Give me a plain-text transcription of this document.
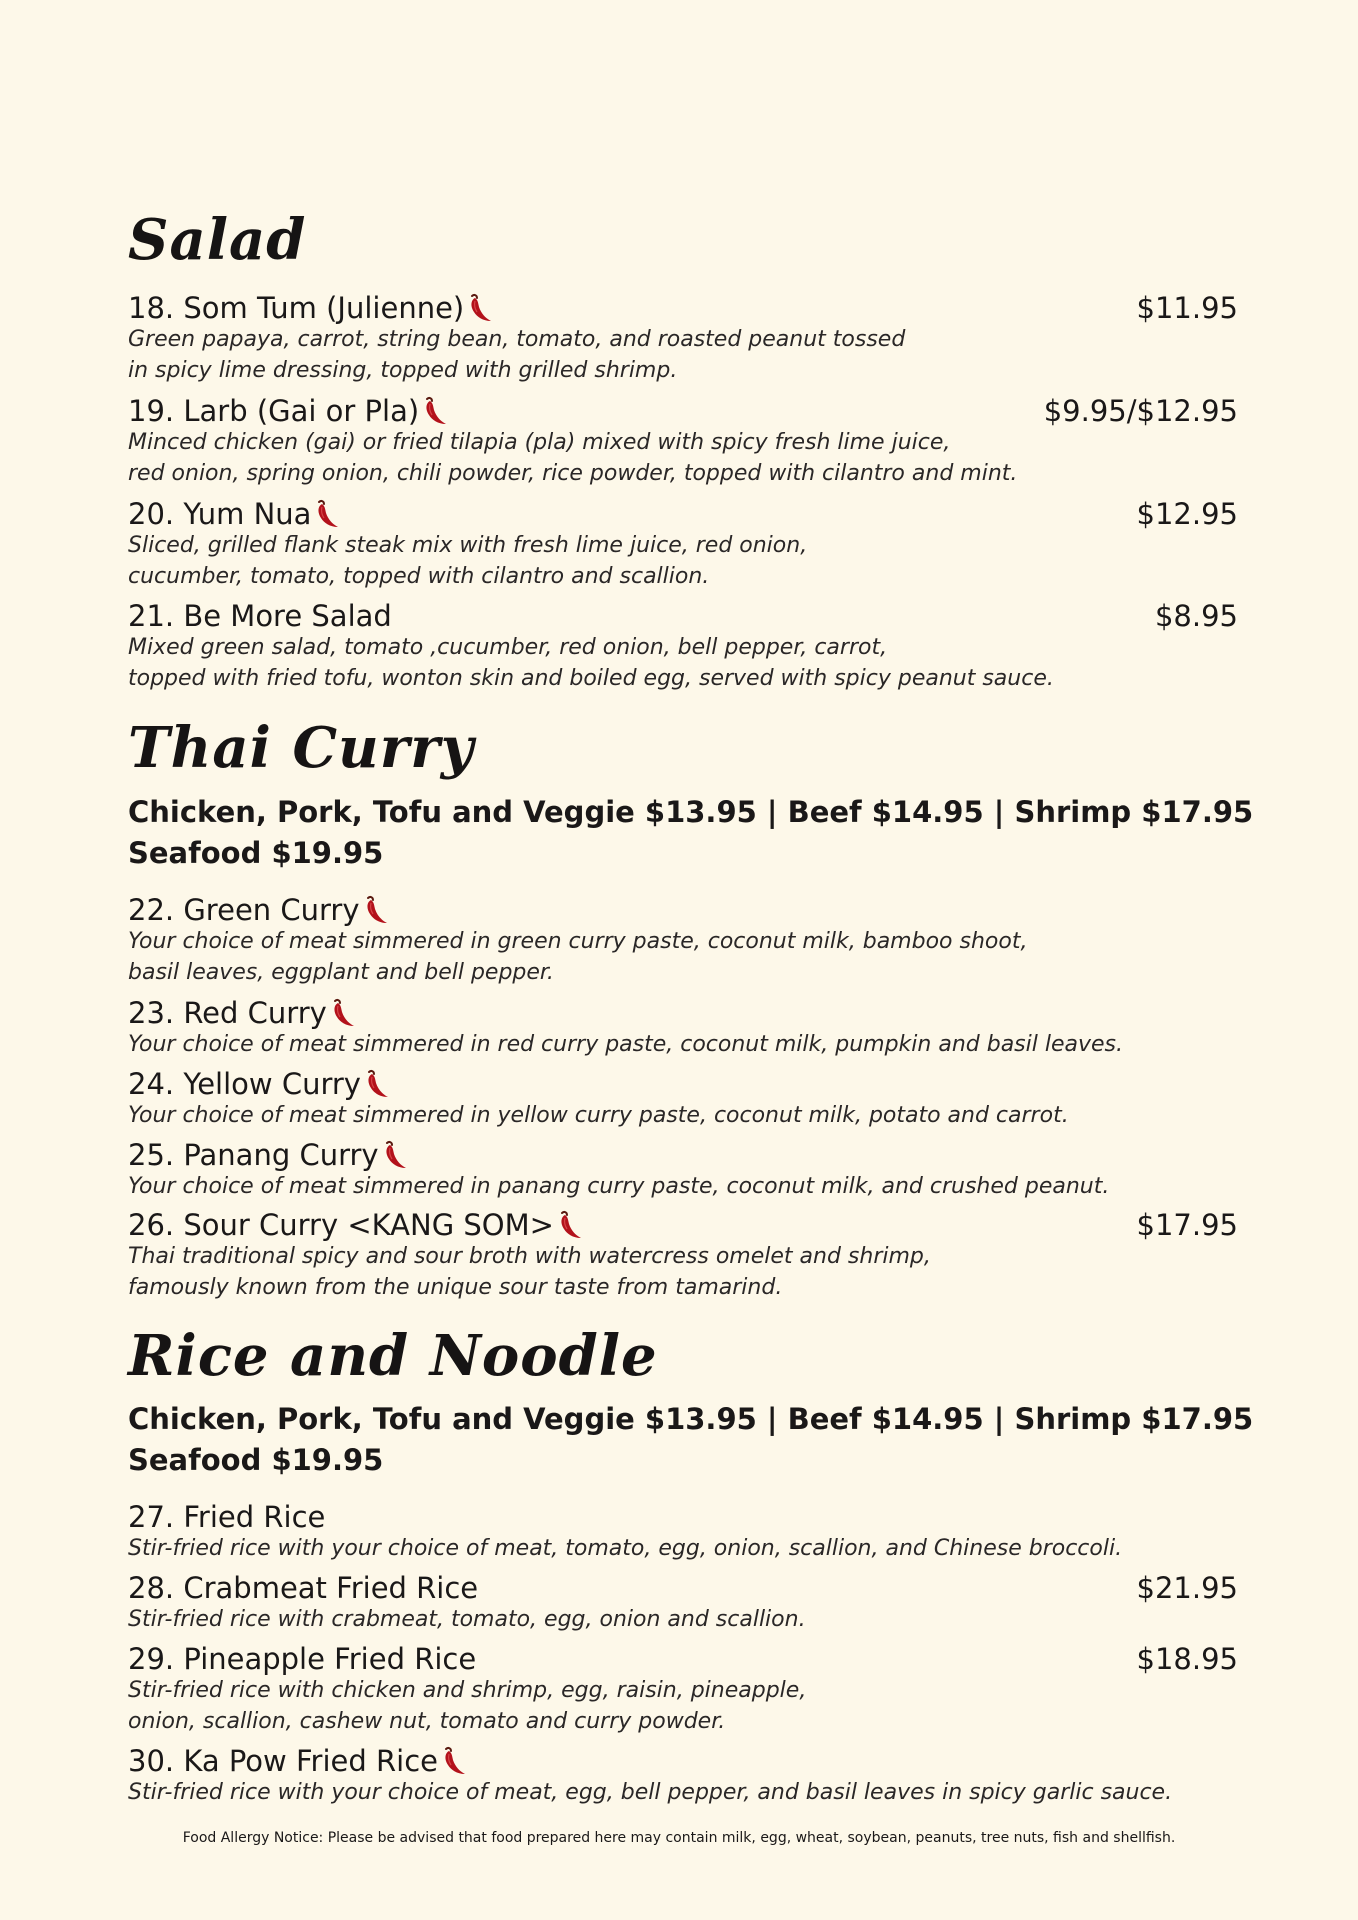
Salad
18. Som Tum (Julienne)	$11.95
Green papaya, carrot, string bean, tomato, and roasted peanut tossed
in spicy lime dressing, topped with grilled shrimp.
19. Larb (Gai or Pla)	$9.95/$12.95
Minced chicken (gai) or fried tilapia (pla) mixed with spicy fresh lime juice,
red onion, spring onion, chili powder, rice powder, topped with cilantro and mint.
20. Yum Nua	$12.95
Sliced, grilled flank steak mix with fresh lime juice, red onion,
cucumber, tomato, topped with cilantro and scallion.
21. Be More Salad	$8.95
Mixed green salad, tomato ,cucumber, red onion, bell pepper, carrot,
topped with fried tofu, wonton skin and boiled egg, served with spicy peanut sauce.
Thai Curry
Chicken, Pork, Tofu and Veggie $13.95 | Beef $14.95 | Shrimp $17.95
Seafood $19.95
22. Green Curry
Your choice of meat simmered in green curry paste, coconut milk, bamboo shoot,
basil leaves, eggplant and bell pepper.
23. Red Curry
Your choice of meat simmered in red curry paste, coconut milk, pumpkin and basil leaves.
24. Yellow Curry
Your choice of meat simmered in yellow curry paste, coconut milk, potato and carrot.
25. Panang Curry
Your choice of meat simmered in panang curry paste, coconut milk, and crushed peanut.
26. Sour Curry <KANG SOM>	$17.95
Thai traditional spicy and sour broth with watercress omelet and shrimp,
famously known from the unique sour taste from tamarind.
Rice and Noodle
Chicken, Pork, Tofu and Veggie $13.95 | Beef $14.95 | Shrimp $17.95
Seafood $19.95
27. Fried Rice
Stir-fried rice with your choice of meat, tomato, egg, onion, scallion, and Chinese broccoli.
28. Crabmeat Fried Rice	$21.95
Stir-fried rice with crabmeat, tomato, egg, onion and scallion.
29. Pineapple Fried Rice	$18.95
Stir-fried rice with chicken and shrimp, egg, raisin, pineapple,
onion, scallion, cashew nut, tomato and curry powder.
30. Ka Pow Fried Rice
Stir-fried rice with your choice of meat, egg, bell pepper, and basil leaves in spicy garlic sauce.
Food Allergy Notice: Please be advised that food prepared here may contain milk, egg, wheat, soybean, peanuts, tree nuts, fish and shellfish.
